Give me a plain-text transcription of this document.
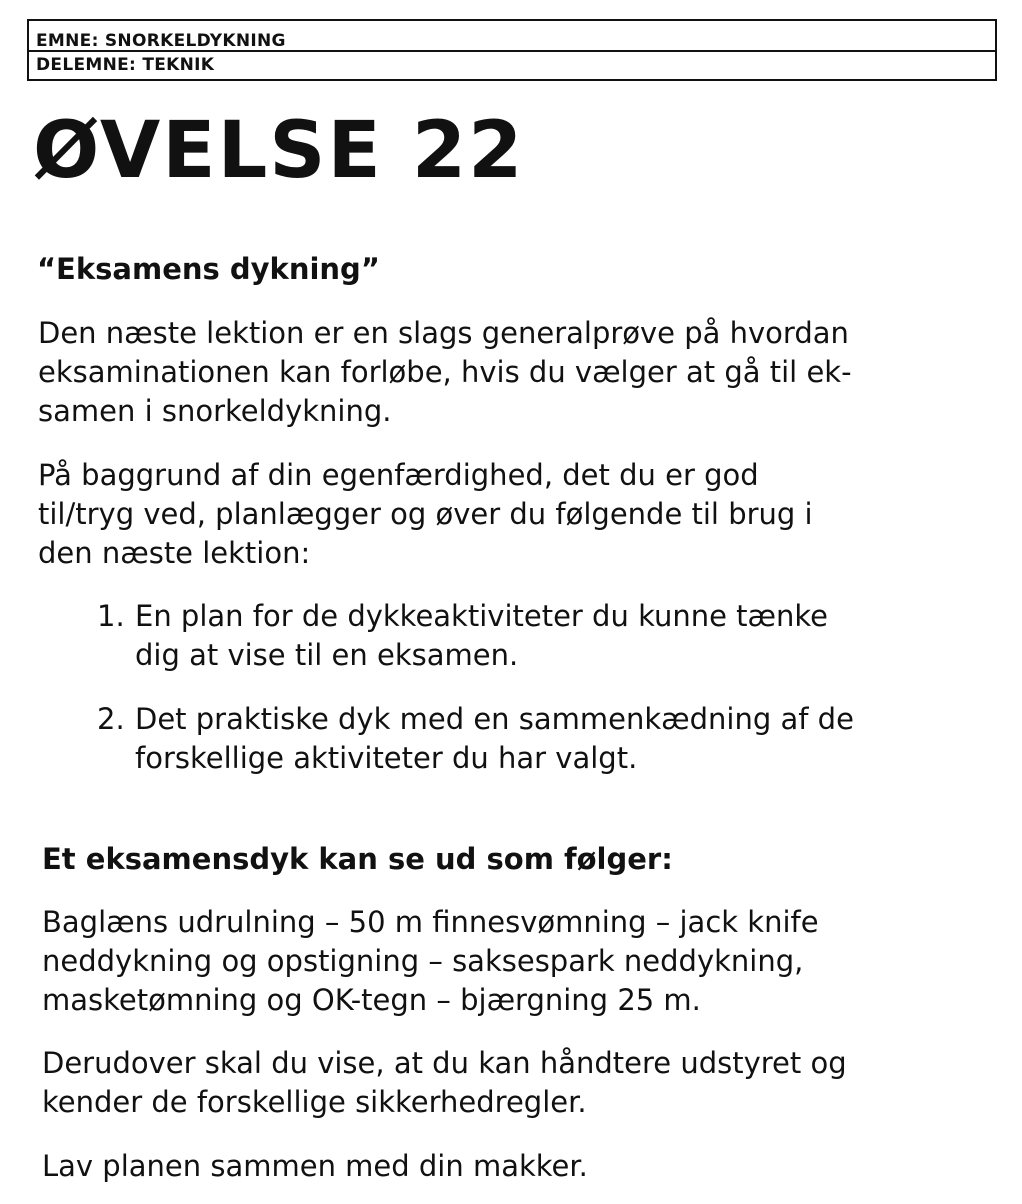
EMNE: SNORKELDYKNING
DELEMNE: TEKNIK
ØVELSE 22
“Eksamens dykning”

Den næste lektion er en slags generalprøve på hvordan
eksaminationen kan forløbe, hvis du vælger at gå til ek-
samen i snorkeldykning.

På baggrund af din egenfærdighed, det du er god
til/tryg ved, planlægger og øver du følgende til brug i
den næste lektion:

1. En plan for de dykkeaktiviteter du kunne tænke
dig at vise til en eksamen.
2. Det praktiske dyk med en sammenkædning af de
forskellige aktiviteter du har valgt.
Et eksamensdyk kan se ud som følger:

Baglæns udrulning – 50 m finnesvømning – jack knife
neddykning og opstigning – saksespark neddykning,
masketømning og OK-tegn – bjærgning 25 m.

Derudover skal du vise, at du kan håndtere udstyret og
kender de forskellige sikkerhedregler.

Lav planen sammen med din makker.
